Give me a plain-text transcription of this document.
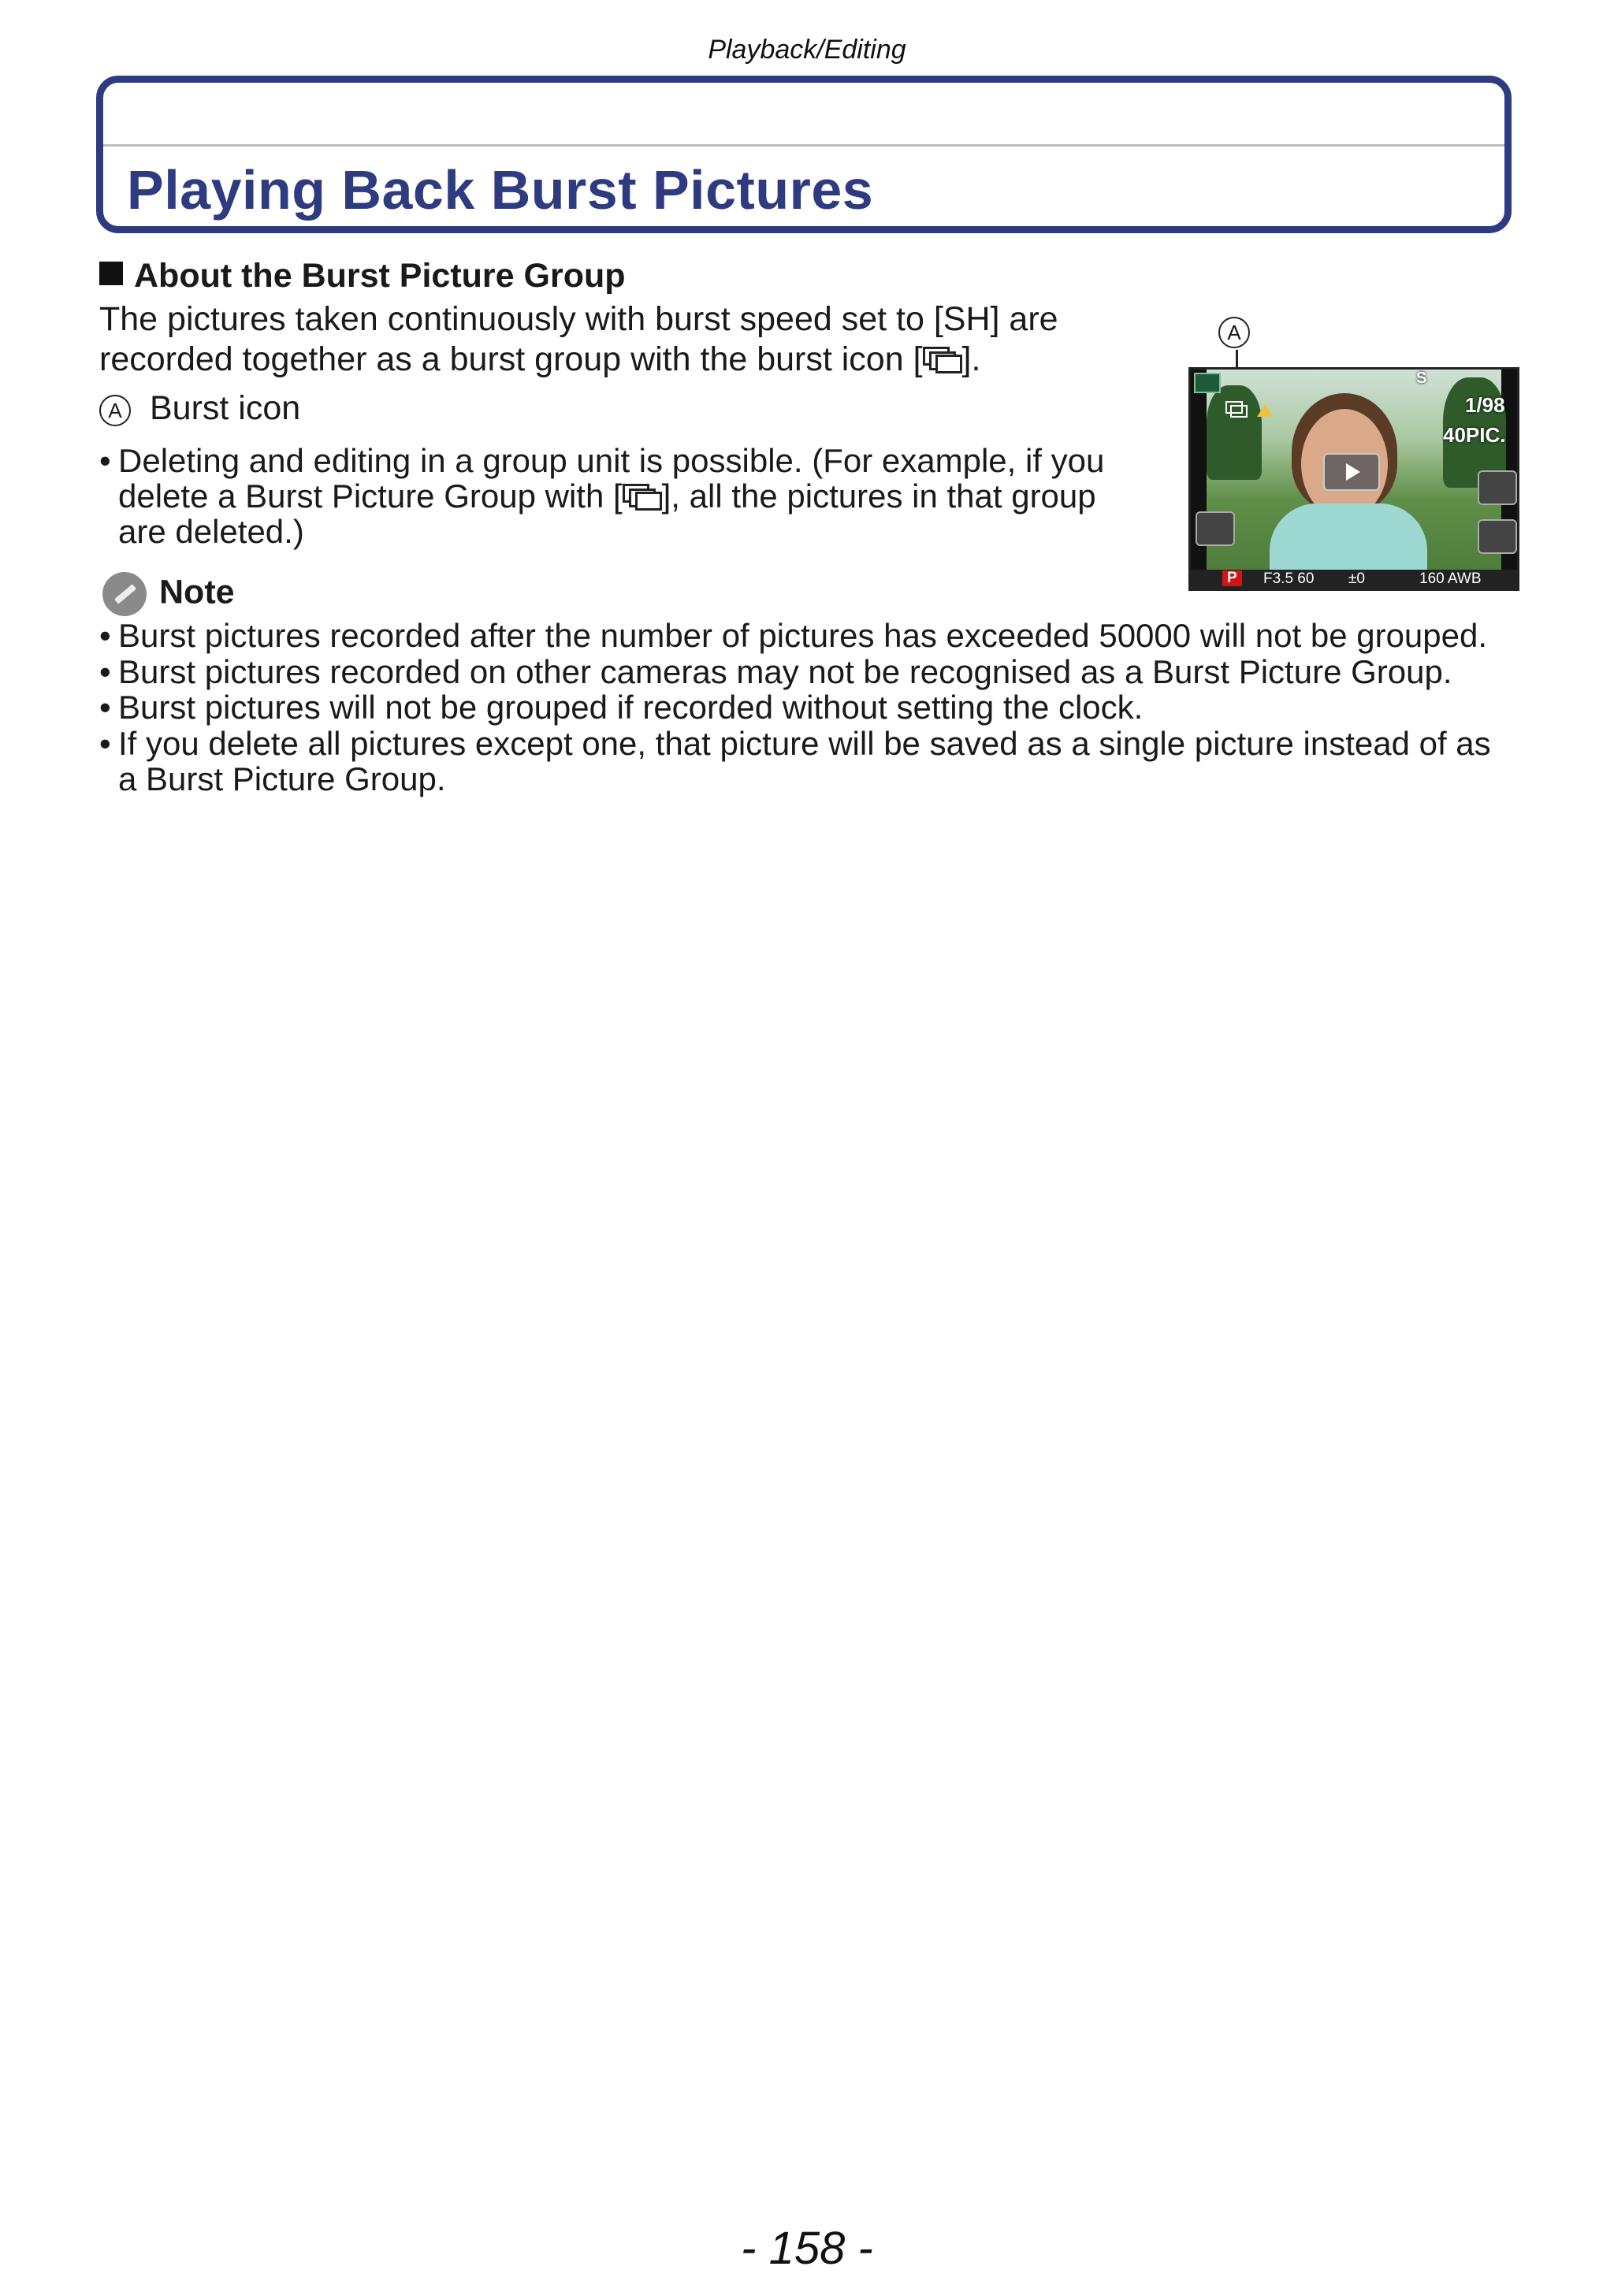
Playback/Editing
Playing Back Burst Pictures
About the Burst Picture Group
The pictures taken continuously with burst speed set to [SH] are
recorded together as a burst group with the burst icon [ ].
A Burst icon
• Deleting and editing in a group unit is possible. (For example, if you
delete a Burst Picture Group with [ ], all the pictures in that group
are deleted.)
A
S
1/98
40PIC.
P	F3.5 60 ±0	160 AWB
Note
• Burst pictures recorded after the number of pictures has exceeded 50000 will not be grouped.
• Burst pictures recorded on other cameras may not be recognised as a Burst Picture Group.
• Burst pictures will not be grouped if recorded without setting the clock.
• If you delete all pictures except one, that picture will be saved as a single picture instead of as
a Burst Picture Group.
- 158 -
